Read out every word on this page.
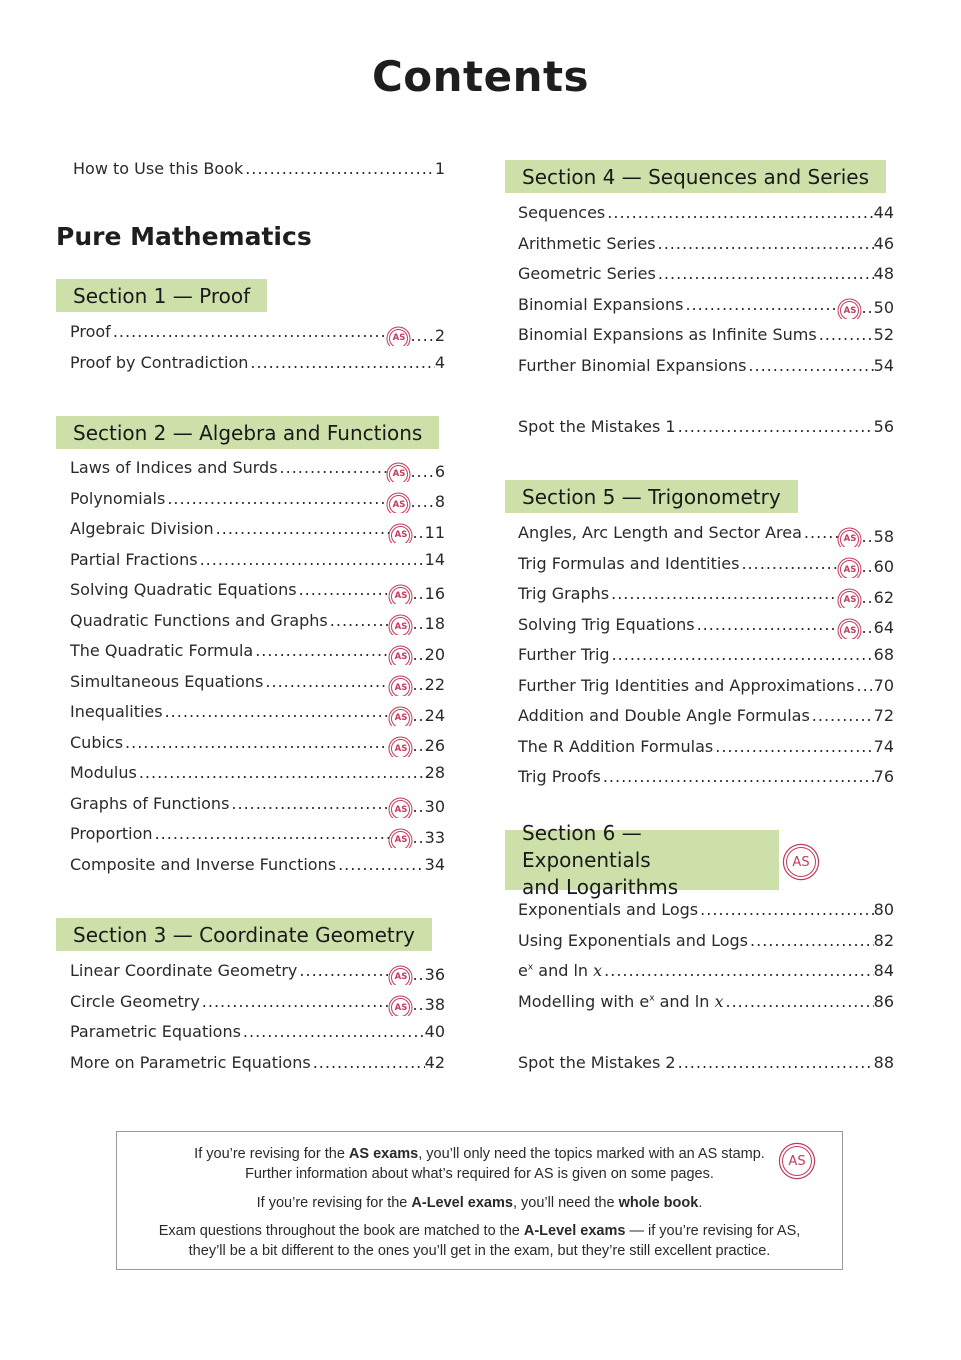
Contents
How to Use this Book .....	1
Pure Mathematics
Section 1 — Proof
Proof .....	AS .... 2
Proof by Contradiction .....	4
Section 2 — Algebra and Functions
Laws of Indices and Surds .....	AS .... 6
Polynomials .....	AS .... 8
Algebraic Division .....	AS .. 11
Partial Fractions .....	14
Solving Quadratic Equations .....	AS .. 16
Quadratic Functions and Graphs .....	AS .. 18
The Quadratic Formula .....	AS .. 20
Simultaneous Equations .....	AS .. 22
Inequalities .....	AS .. 24
Cubics .....	AS .. 26
Modulus .....	28
Graphs of Functions .....	AS .. 30
Proportion .....	AS .. 33
Composite and Inverse Functions .....	34
Section 3 — Coordinate Geometry
Linear Coordinate Geometry .....	AS .. 36
Circle Geometry .....	AS .. 38
Parametric Equations .....	40
More on Parametric Equations .....	42
Section 4 — Sequences and Series
Sequences .....	44
Arithmetic Series .....	46
Geometric Series .....	48
Binomial Expansions .....	AS .. 50
Binomial Expansions as Infinite Sums .....	52
Further Binomial Expansions .....	54
Spot the Mistakes 1 .....	56
Section 5 — Trigonometry
Angles, Arc Length and Sector Area .....	AS .. 58
Trig Formulas and Identities .....	AS .. 60
Trig Graphs .....	AS .. 62
Solving Trig Equations .....	AS .. 64
Further Trig .....	68
Further Trig Identities and Approximations ..... 70
Addition and Double Angle Formulas .....	72
The R Addition Formulas .....	74
Trig Proofs .....	76
Section 6 — Exponentials
and Logarithms
AS
Exponentials and Logs .....	80
Using Exponentials and Logs .....	82
$e^x$ and ln x .....	84
Modelling with $e^x$ and ln x .....	86
Spot the Mistakes 2 .....	88

If you’re revising for the AS exams, you’ll only need the topics marked with an AS stamp.
Further information about what’s required for AS is given on some pages.

If you’re revising for the A-Level exams, you’ll need the whole book.

Exam questions throughout the book are matched to the A-Level exams — if you’re revising for AS,
they’ll be a bit different to the ones you’ll get in the exam, but they’re still excellent practice.

AS
